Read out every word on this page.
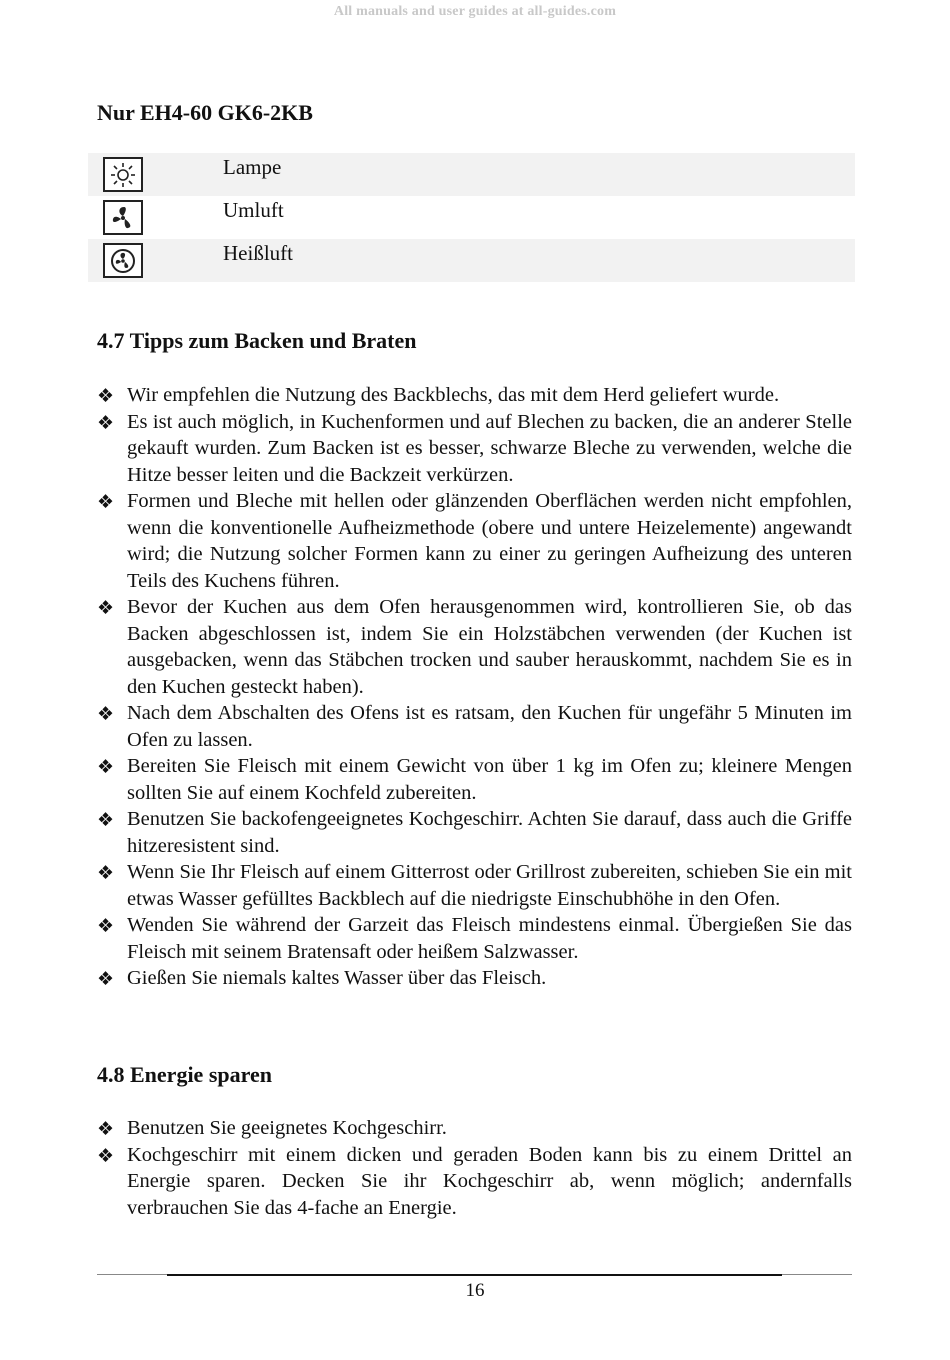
All manuals and user guides at all-guides.com
Nur EH4-60 GK6-2KB
Lampe
Umluft
Heißluft
4.7 Tipps zum Backen und Braten
❖ Wir empfehlen die Nutzung des Backblechs, das mit dem Herd geliefert wurde.
❖ Es ist auch möglich, in Kuchenformen und auf Blechen zu backen, die an anderer Stelle gekauft wurden. Zum Backen ist es besser, schwarze Bleche zu verwenden, welche die Hitze besser leiten und die Backzeit verkürzen.
❖ Formen und Bleche mit hellen oder glänzenden Oberflächen werden nicht empfohlen, wenn die konventionelle Aufheizmethode (obere und untere Heizelemente) angewandt wird; die Nutzung solcher Formen kann zu einer zu geringen Aufheizung des unteren Teils des Kuchens führen.
❖ Bevor der Kuchen aus dem Ofen herausgenommen wird, kontrollieren Sie, ob das Backen abgeschlossen ist, indem Sie ein Holzstäbchen verwenden (der Kuchen ist ausgebacken, wenn das Stäbchen trocken und sauber herauskommt, nachdem Sie es in den Kuchen gesteckt haben).
❖ Nach dem Abschalten des Ofens ist es ratsam, den Kuchen für ungefähr 5 Minuten im Ofen zu lassen.
❖ Bereiten Sie Fleisch mit einem Gewicht von über 1 kg im Ofen zu; kleinere Mengen sollten Sie auf einem Kochfeld zubereiten.
❖ Benutzen Sie backofengeeignetes Kochgeschirr. Achten Sie darauf, dass auch die Griffe hitzeresistent sind.
❖ Wenn Sie Ihr Fleisch auf einem Gitterrost oder Grillrost zubereiten, schieben Sie ein mit etwas Wasser gefülltes Backblech auf die niedrigste Einschubhöhe in den Ofen.
❖ Wenden Sie während der Garzeit das Fleisch mindestens einmal. Übergießen Sie das Fleisch mit seinem Bratensaft oder heißem Salzwasser.
❖ Gießen Sie niemals kaltes Wasser über das Fleisch.
4.8 Energie sparen
❖ Benutzen Sie geeignetes Kochgeschirr.
❖ Kochgeschirr mit einem dicken und geraden Boden kann bis zu einem Drittel an Energie sparen. Decken Sie ihr Kochgeschirr ab, wenn möglich; andernfalls verbrauchen Sie das 4-fache an Energie.
16
